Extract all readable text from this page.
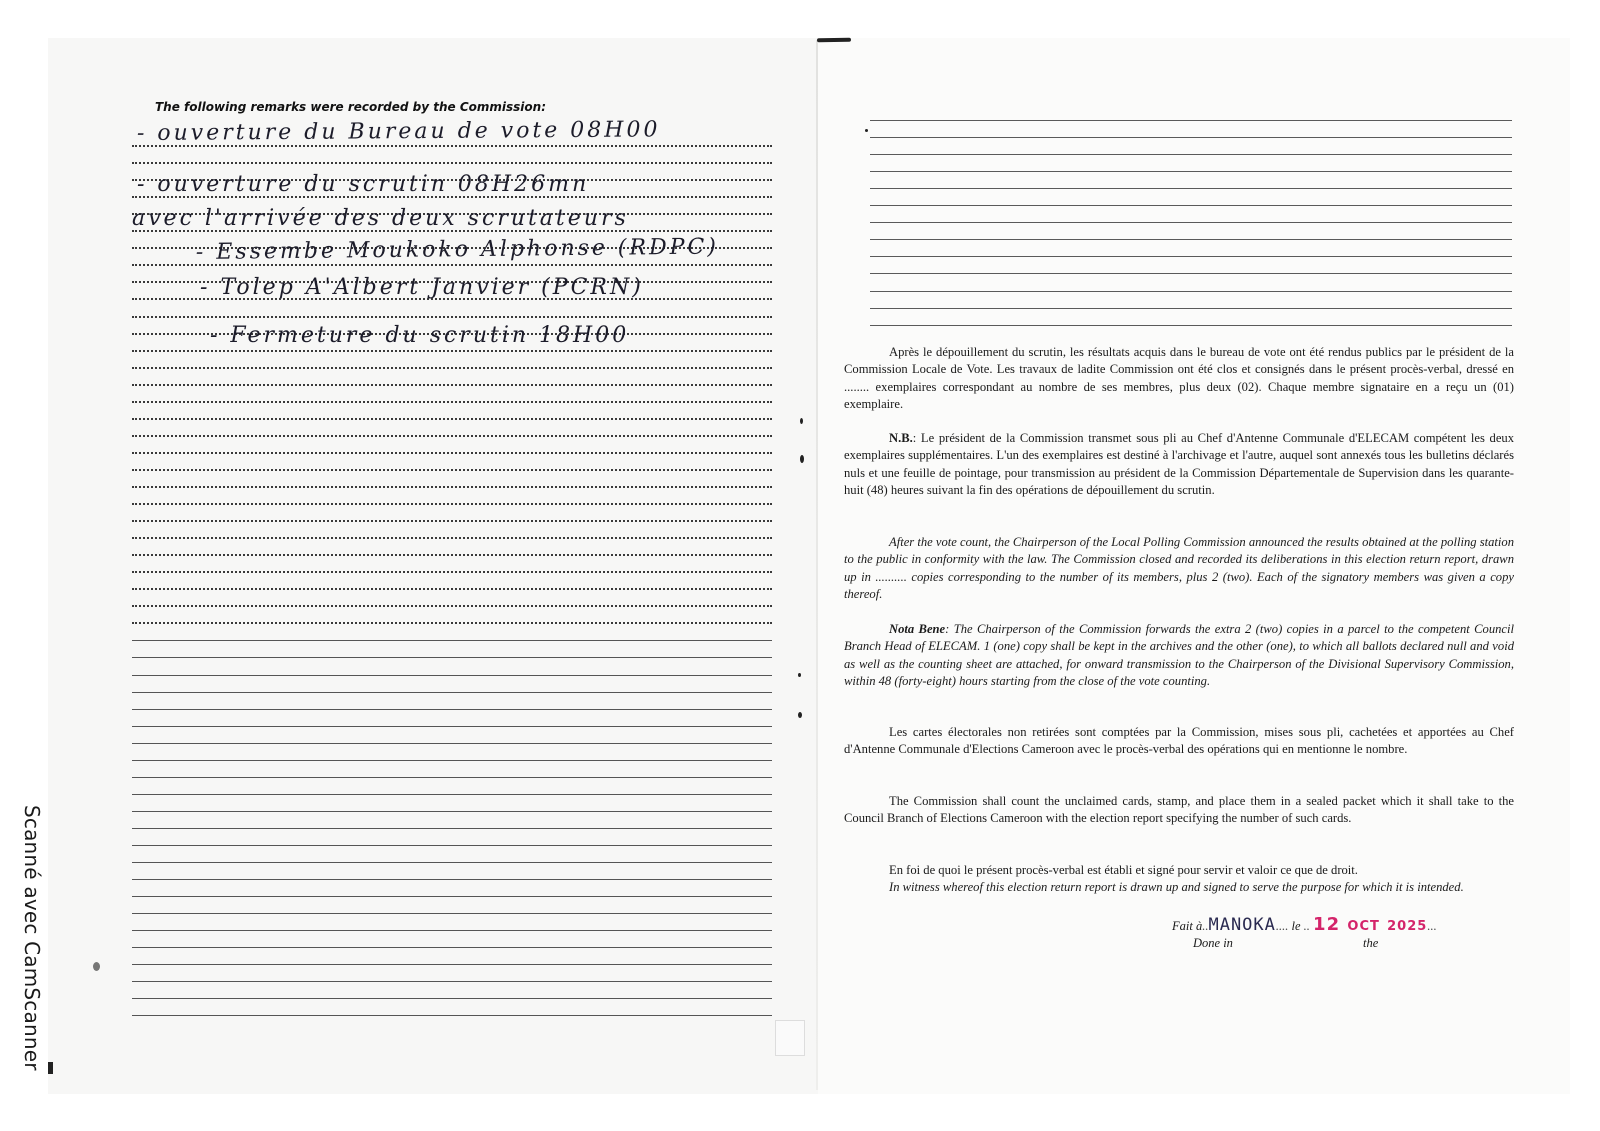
Scanné avec CamScanner
The following remarks were recorded by the Commission:
- ouverture du Bureau de vote 08H00
- ouverture du scrutin 08H26mn
avec l'arrivée des deux scrutateurs
- Essembe Moukoko Alphonse (RDPC)
- Tolep A'Albert Janvier (PCRN)
- Fermeture du scrutin 18H00

Après le dépouillement du scrutin, les résultats acquis dans le bureau de vote ont été rendus publics par le président de la Commission Locale de Vote. Les travaux de ladite Commission ont été clos et consignés dans le présent procès-verbal, dressé en ........ exemplaires correspondant au nombre de ses membres, plus deux (02). Chaque membre signataire en a reçu un (01) exemplaire.

N.B.: Le président de la Commission transmet sous pli au Chef d'Antenne Communale d'ELECAM compétent les deux exemplaires supplémentaires. L'un des exemplaires est destiné à l'archivage et l'autre, auquel sont annexés tous les bulletins déclarés nuls et une feuille de pointage, pour transmission au président de la Commission Départementale de Supervision dans les quarante-huit (48) heures suivant la fin des opérations de dépouillement du scrutin.

After the vote count, the Chairperson of the Local Polling Commission announced the results obtained at the polling station to the public in conformity with the law. The Commission closed and recorded its deliberations in this election return report, drawn up in .......... copies corresponding to the number of its members, plus 2 (two). Each of the signatory members was given a copy thereof.

Nota Bene: The Chairperson of the Commission forwards the extra 2 (two) copies in a parcel to the competent Council Branch Head of ELECAM. 1 (one) copy shall be kept in the archives and the other (one), to which all ballots declared null and void as well as the counting sheet are attached, for onward transmission to the Chairperson of the Divisional Supervisory Commission, within 48 (forty-eight) hours starting from the close of the vote counting.

Les cartes électorales non retirées sont comptées par la Commission, mises sous pli, cachetées et apportées au Chef d'Antenne Communale d'Elections Cameroon avec le procès-verbal des opérations qui en mentionne le nombre.

The Commission shall count the unclaimed cards, stamp, and place them in a sealed packet which it shall take to the Council Branch of Elections Cameroon with the election report specifying the number of such cards.

En foi de quoi le présent procès-verbal est établi et signé pour servir et valoir ce que de droit.

In witness whereof this election return report is drawn up and signed to serve the purpose for which it is intended.

Fait à..MANOKA.... le .. 12 OCT 2025...
Done in	the
